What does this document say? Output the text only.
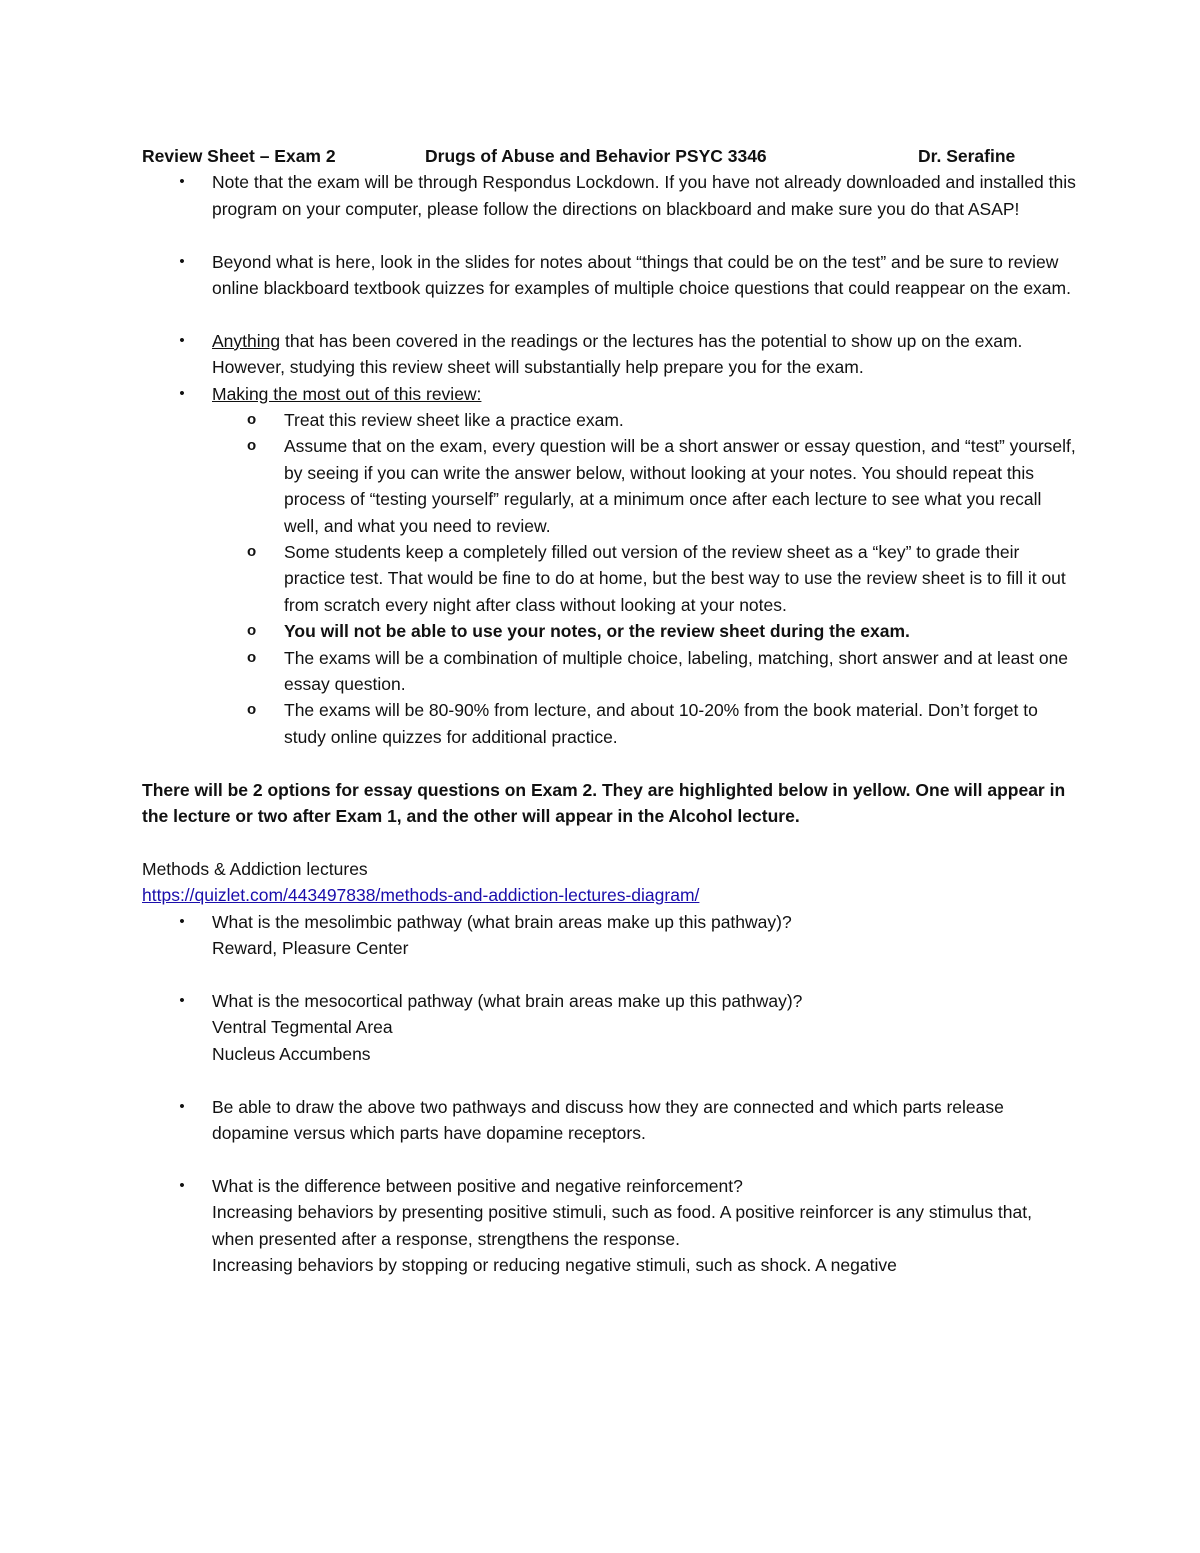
Review Sheet – Exam 2	Drugs of Abuse and Behavior PSYC 3346	Dr. Serafine
• Note that the exam will be through Respondus Lockdown. If you have not already downloaded and installed this program on your computer, please follow the directions on blackboard and make sure you do that ASAP!
• Beyond what is here, look in the slides for notes about “things that could be on the test” and be sure to review online blackboard textbook quizzes for examples of multiple choice questions that could reappear on the exam.
• Anything that has been covered in the readings or the lectures has the potential to show up on the exam. However, studying this review sheet will substantially help prepare you for the exam.
• Making the most out of this review:
o Treat this review sheet like a practice exam.
o Assume that on the exam, every question will be a short answer or essay question, and “test” yourself, by seeing if you can write the answer below, without looking at your notes. You should repeat this process of “testing yourself” regularly, at a minimum once after each lecture to see what you recall well, and what you need to review.
o Some students keep a completely filled out version of the review sheet as a “key” to grade their practice test. That would be fine to do at home, but the best way to use the review sheet is to fill it out from scratch every night after class without looking at your notes.
o You will not be able to use your notes, or the review sheet during the exam.
o The exams will be a combination of multiple choice, labeling, matching, short answer and at least one essay question.
o The exams will be 80-90% from lecture, and about 10-20% from the book material. Don’t forget to study online quizzes for additional practice.
There will be 2 options for essay questions on Exam 2. They are highlighted below in yellow. One will appear in the lecture or two after Exam 1, and the other will appear in the Alcohol lecture.
Methods & Addiction lectures
https://quizlet.com/443497838/methods-and-addiction-lectures-diagram/
• What is the mesolimbic pathway (what brain areas make up this pathway)?
Reward, Pleasure Center
• What is the mesocortical pathway (what brain areas make up this pathway)?
Ventral Tegmental Area
Nucleus Accumbens
• Be able to draw the above two pathways and discuss how they are connected and which parts release dopamine versus which parts have dopamine receptors.
• What is the difference between positive and negative reinforcement?
Increasing behaviors by presenting positive stimuli, such as food. A positive reinforcer is any stimulus that, when presented after a response, strengthens the response.
Increasing behaviors by stopping or reducing negative stimuli, such as shock. A negative
